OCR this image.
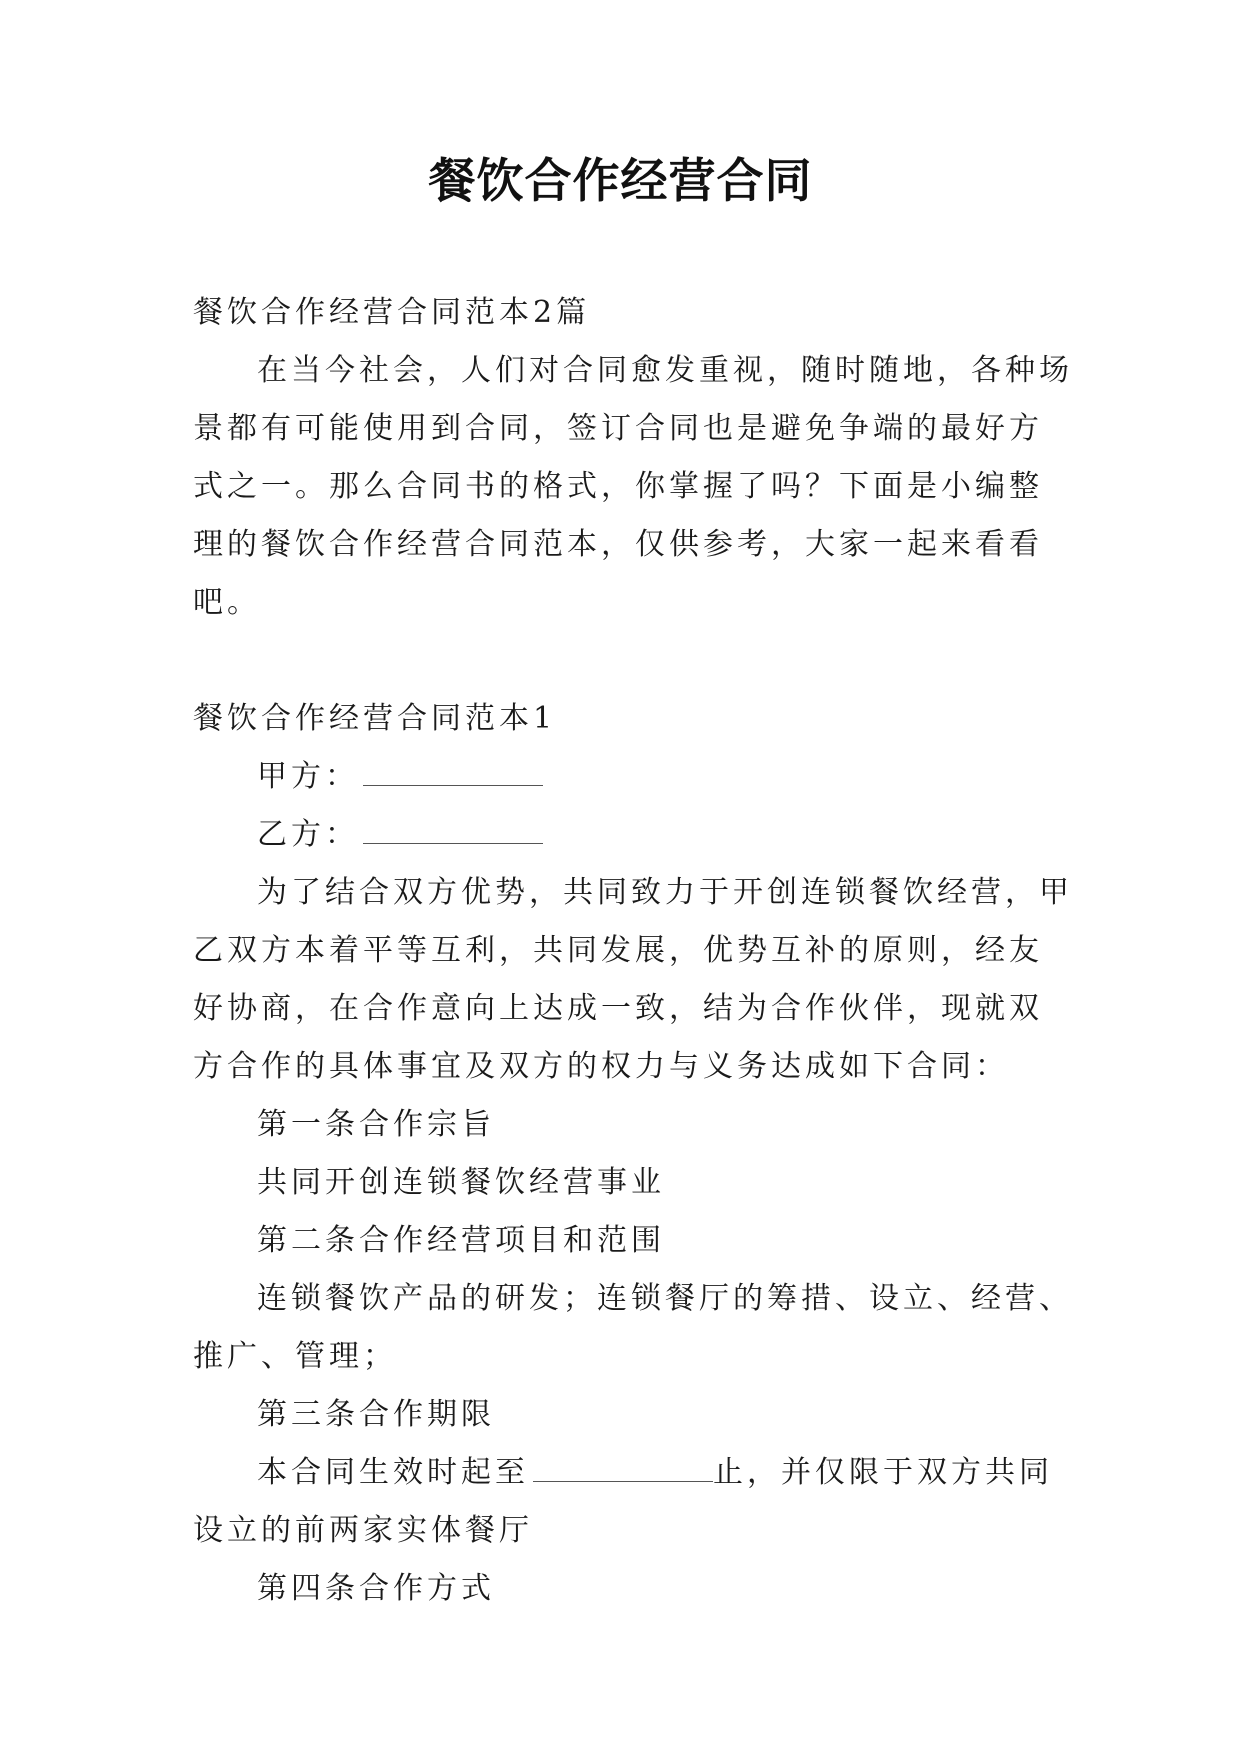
餐饮合作经营合同

餐饮合作经营合同范本2篇

在当今社会，人们对合同愈发重视，随时随地，各种场景都有可能使用到合同，签订合同也是避免争端的最好方式之一。那么合同书的格式，你掌握了吗？下面是小编整理的餐饮合作经营合同范本，仅供参考，大家一起来看看吧。

餐饮合作经营合同范本1

甲方：

乙方：

为了结合双方优势，共同致力于开创连锁餐饮经营，甲乙双方本着平等互利，共同发展，优势互补的原则，经友好协商，在合作意向上达成一致，结为合作伙伴，现就双方合作的具体事宜及双方的权力与义务达成如下合同：

第一条合作宗旨

共同开创连锁餐饮经营事业

第二条合作经营项目和范围

连锁餐饮产品的研发；连锁餐厅的筹措、设立、经营、推广、管理；

第三条合作期限

本合同生效时起至	止，并仅限于双方共同设立的前两家实体餐厅

第四条合作方式
